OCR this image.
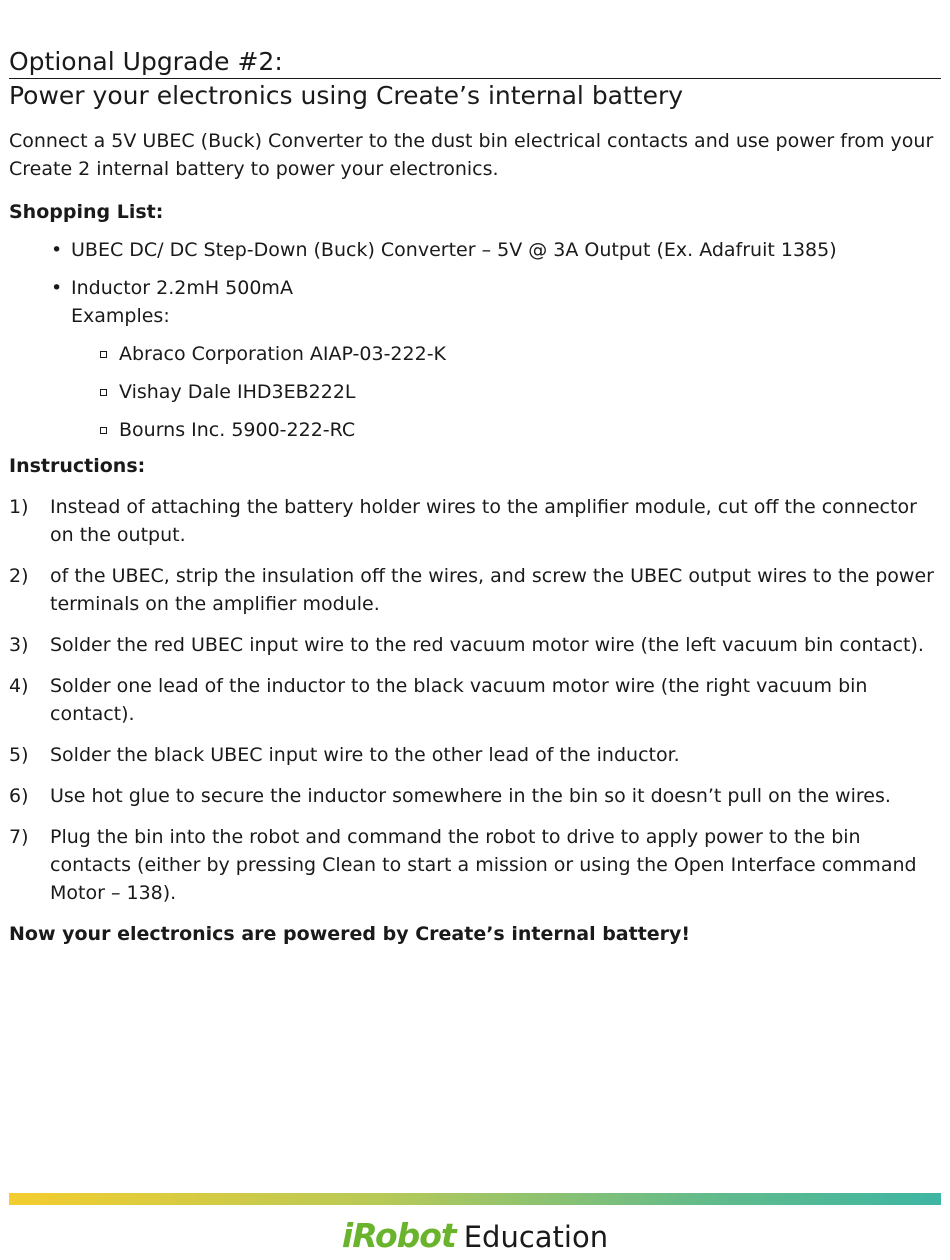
Optional Upgrade #2:
Power your electronics using Create’s internal battery

Connect a 5V UBEC (Buck) Converter to the dust bin electrical contacts and use power from your Create 2 internal battery to power your electronics.

Shopping List:

• UBEC DC/ DC Step-Down (Buck) Converter – 5V @ 3A Output (Ex. Adafruit 1385)
• Inductor 2.2mH 500mA
Examples:
Abraco Corporation AIAP-03-222-K
Vishay Dale IHD3EB222L
Bourns Inc. 5900-222-RC

Instructions:

1) Instead of attaching the battery holder wires to the amplifier module, cut off the connector on the output.
2) of the UBEC, strip the insulation off the wires, and screw the UBEC output wires to the power terminals on the amplifier module.
3) Solder the red UBEC input wire to the red vacuum motor wire (the left vacuum bin contact).
4) Solder one lead of the inductor to the black vacuum motor wire (the right vacuum bin contact).
5) Solder the black UBEC input wire to the other lead of the inductor.
6) Use hot glue to secure the inductor somewhere in the bin so it doesn’t pull on the wires.
7) Plug the bin into the robot and command the robot to drive to apply power to the bin contacts (either by pressing Clean to start a mission or using the Open Interface command Motor – 138).

Now your electronics are powered by Create’s internal battery!

iRobot Education
